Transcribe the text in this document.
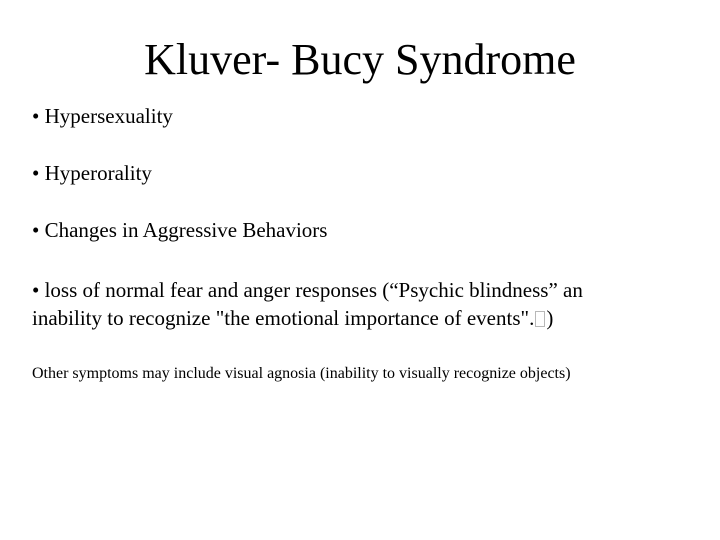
Kluver- Bucy Syndrome
• Hypersexuality
• Hyperorality
• Changes in Aggressive Behaviors
• loss of normal fear and anger responses (“Psychic blindness” an
inability to recognize "the emotional importance of events". )
Other symptoms may include visual agnosia (inability to visually recognize objects)
